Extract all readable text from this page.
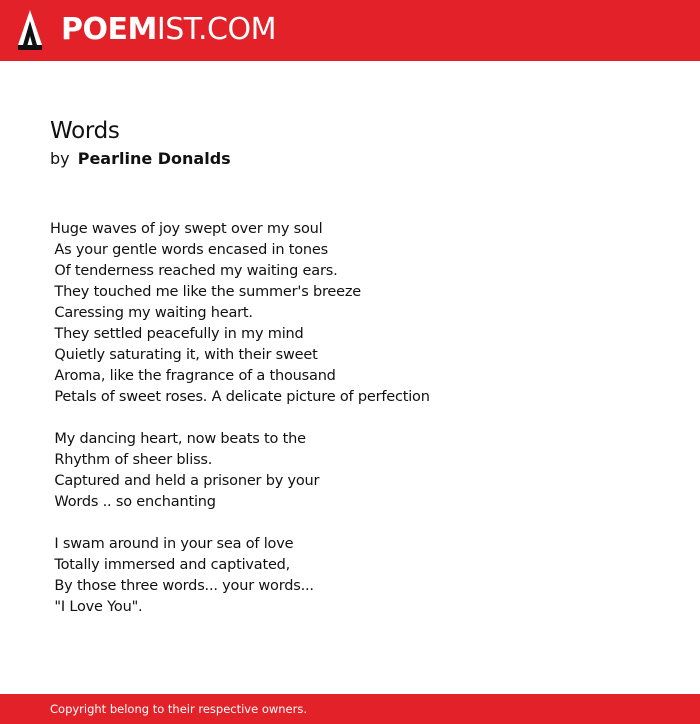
POEMIST.COM
Words
by Pearline Donalds
Huge waves of joy swept over my soul
As your gentle words encased in tones
Of tenderness reached my waiting ears.
They touched me like the summer's breeze
Caressing my waiting heart.
They settled peacefully in my mind
Quietly saturating it, with their sweet
Aroma, like the fragrance of a thousand
Petals of sweet roses. A delicate picture of perfection
My dancing heart, now beats to the
Rhythm of sheer bliss.
Captured and held a prisoner by your
Words .. so enchanting
I swam around in your sea of love
Totally immersed and captivated,
By those three words... your words...
"I Love You".
Copyright belong to their respective owners.
